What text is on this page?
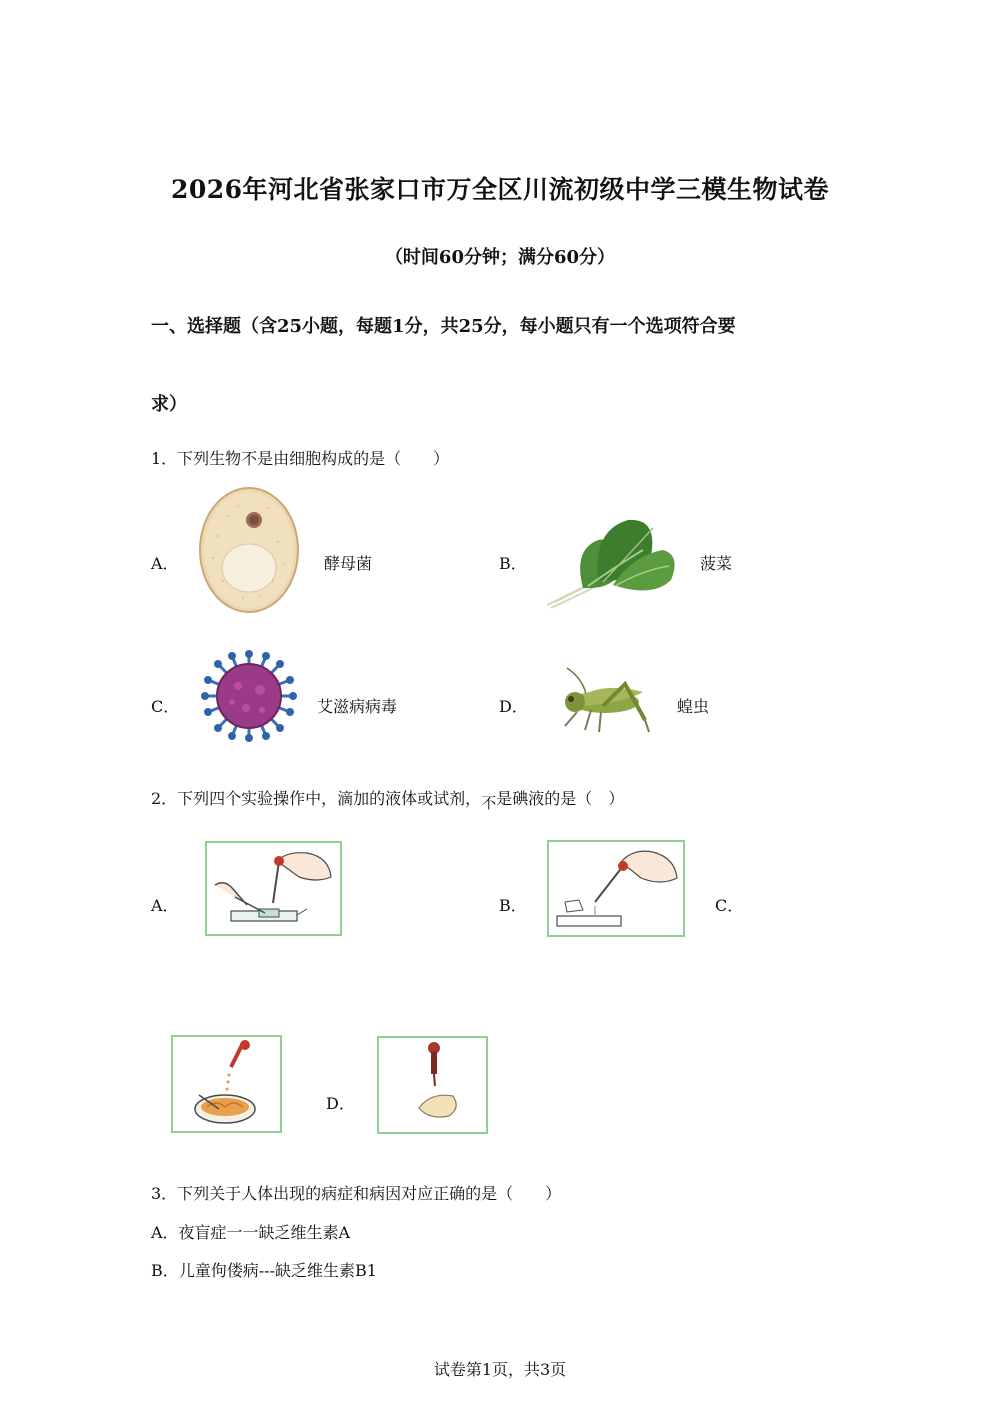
2026年河北省张家口市万全区川流初级中学三模生物试卷
（时间60分钟；满分60分）
一、选择题（含25小题，每题1分，共25分，每小题只有一个选项符合要
求）
1．下列生物不是由细胞构成的是（　　）
A．	酵母菌	B．	菠菜
C．	艾滋病病毒	D．	蝗虫
2．下列四个实验操作中，滴加的液体或试剂，不是碘液的是（　）
A．	B．	C．
D．
3．下列关于人体出现的病症和病因对应正确的是（　　）
A．夜盲症一一缺乏维生素A
B．儿童佝偻病---缺乏维生素B1
试卷第1页，共3页
